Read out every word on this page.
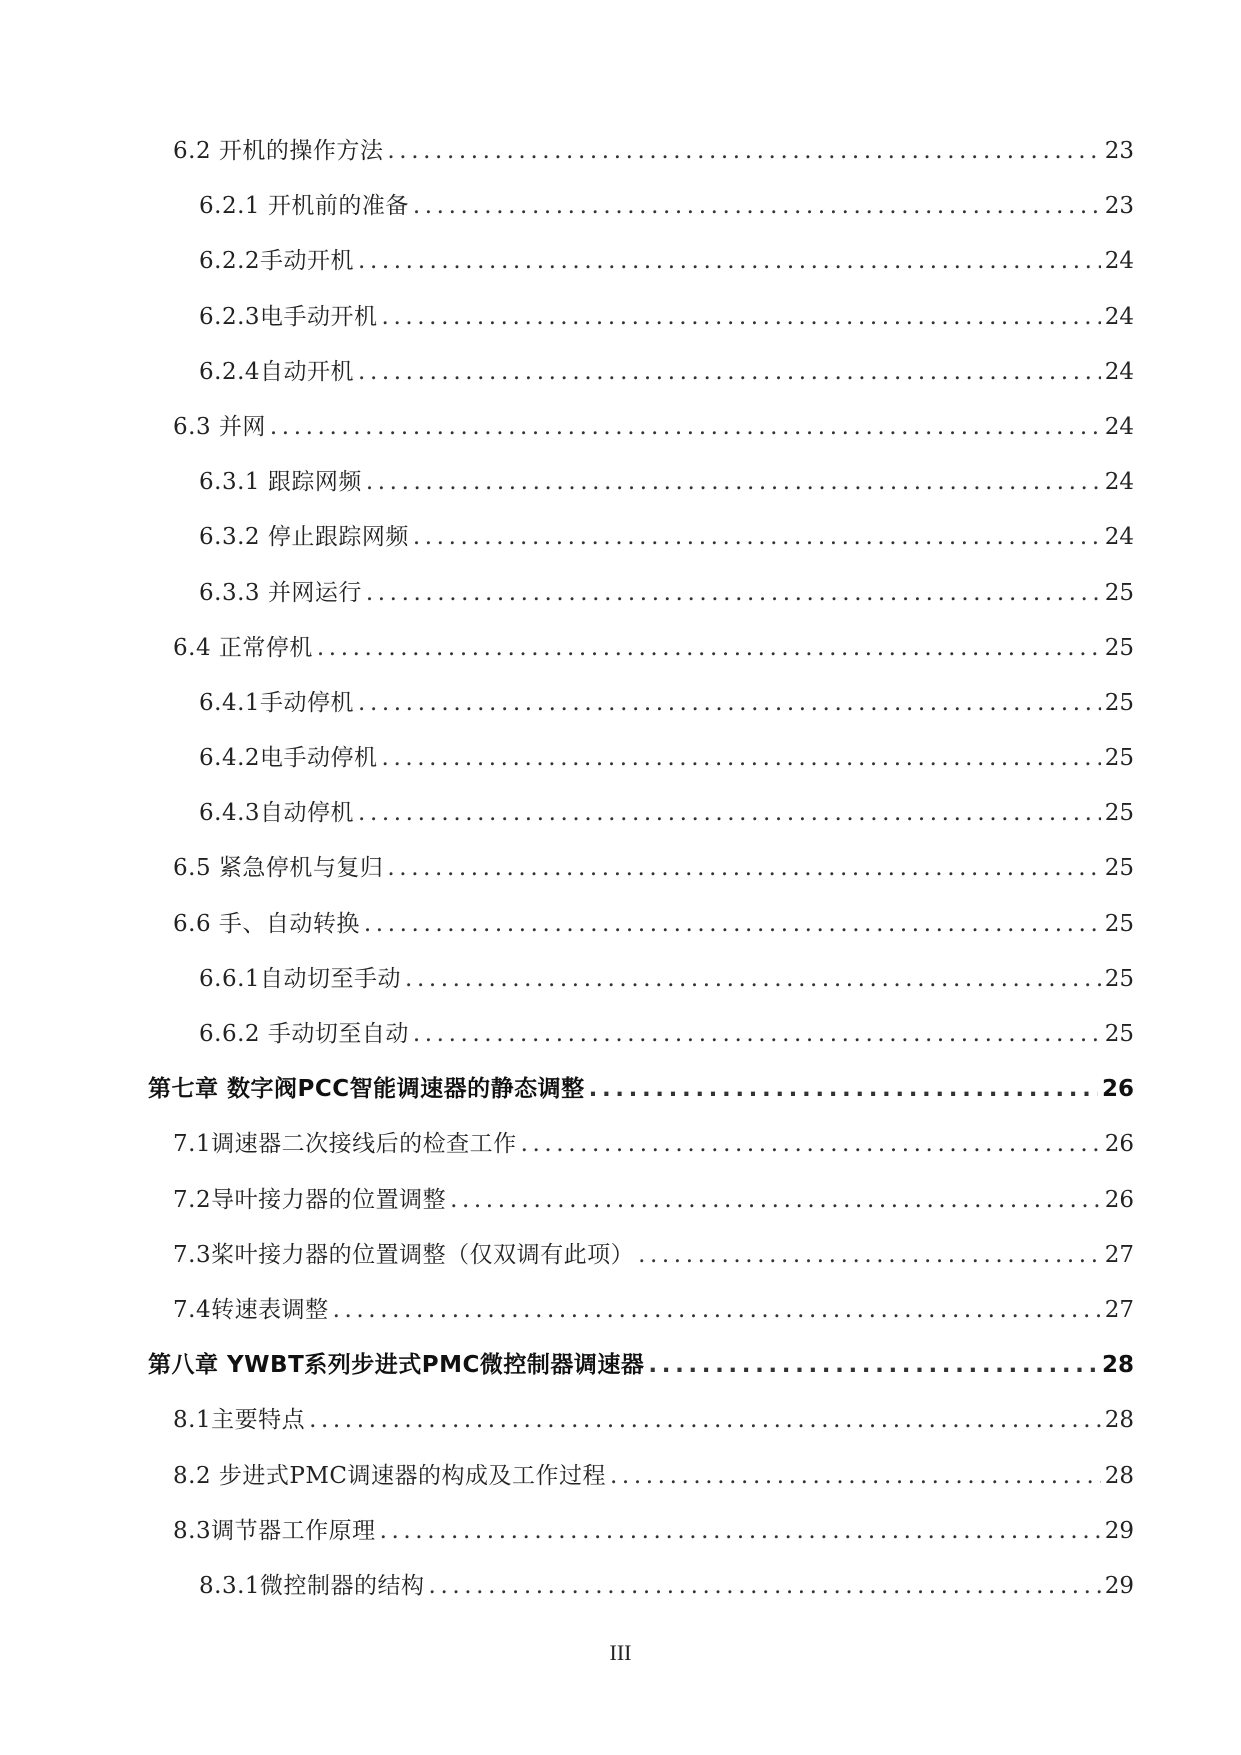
6.2 开机的操作方法 .....	23
6.2.1 开机前的准备 .....	23
6.2.2手动开机 .....	24
6.2.3电手动开机 .....	24
6.2.4自动开机 .....	24
6.3 并网 .....	24
6.3.1 跟踪网频 .....	24
6.3.2 停止跟踪网频 .....	24
6.3.3 并网运行 .....	25
6.4 正常停机 .....	25
6.4.1手动停机 .....	25
6.4.2电手动停机 .....	25
6.4.3自动停机 .....	25
6.5 紧急停机与复归 .....	25
6.6 手、自动转换 .....	25
6.6.1自动切至手动 .....	25
6.6.2 手动切至自动 .....	25
第七章 数字阀PCC智能调速器的静态调整 .....	26
7.1调速器二次接线后的检查工作 .....	26
7.2导叶接力器的位置调整 .....	26
7.3桨叶接力器的位置调整（仅双调有此项） .....	27
7.4转速表调整 .....	27
第八章 YWBT系列步进式PMC微控制器调速器 .....	28
8.1主要特点 .....	28
8.2 步进式PMC调速器的构成及工作过程 .....	28
8.3调节器工作原理 .....	29
8.3.1微控制器的结构 .....	29
III
